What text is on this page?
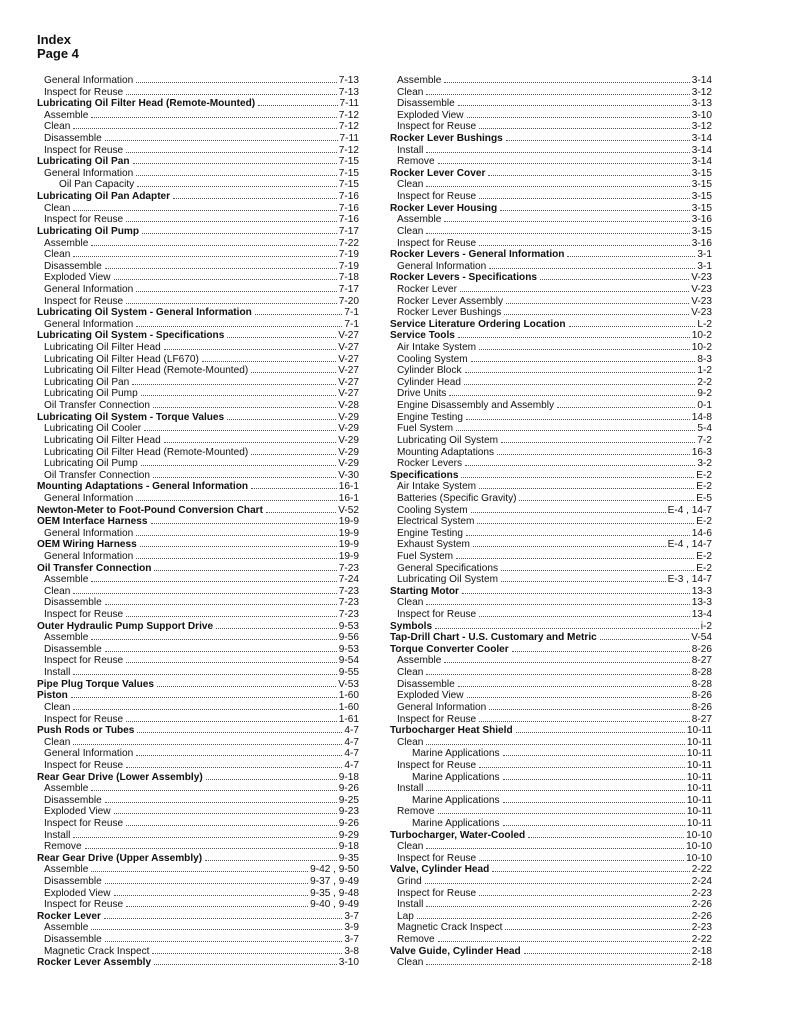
Index
Page 4
General Information	7-13
Inspect for Reuse	7-13
Lubricating Oil Filter Head (Remote-Mounted)	7-11
Assemble	7-12
Clean	7-12
Disassemble	7-11
Inspect for Reuse	7-12
Lubricating Oil Pan	7-15
General Information	7-15
Oil Pan Capacity	7-15
Lubricating Oil Pan Adapter	7-16
Clean	7-16
Inspect for Reuse	7-16
Lubricating Oil Pump	7-17
Assemble	7-22
Clean	7-19
Disassemble	7-19
Exploded View	7-18
General Information	7-17
Inspect for Reuse	7-20
Lubricating Oil System - General Information	7-1
General Information	7-1
Lubricating Oil System - Specifications	V-27
Lubricating Oil Filter Head	V-27
Lubricating Oil Filter Head (LF670)	V-27
Lubricating Oil Filter Head (Remote-Mounted)	V-27
Lubricating Oil Pan	V-27
Lubricating Oil Pump	V-27
Oil Transfer Connection	V-28
Lubricating Oil System - Torque Values	V-29
Lubricating Oil Cooler	V-29
Lubricating Oil Filter Head	V-29
Lubricating Oil Filter Head (Remote-Mounted)	V-29
Lubricating Oil Pump	V-29
Oil Transfer Connection	V-30
Mounting Adaptations - General Information	16-1
General Information	16-1
Newton-Meter to Foot-Pound Conversion Chart	V-52
OEM Interface Harness	19-9
General Information	19-9
OEM Wiring Harness	19-9
General Information	19-9
Oil Transfer Connection	7-23
Assemble	7-24
Clean	7-23
Disassemble	7-23
Inspect for Reuse	7-23
Outer Hydraulic Pump Support Drive	9-53
Assemble	9-56
Disassemble	9-53
Inspect for Reuse	9-54
Install	9-55
Pipe Plug Torque Values	V-53
Piston	1-60
Clean	1-60
Inspect for Reuse	1-61
Push Rods or Tubes	4-7
Clean	4-7
General Information	4-7
Inspect for Reuse	4-7
Rear Gear Drive (Lower Assembly)	9-18
Assemble	9-26
Disassemble	9-25
Exploded View	9-23
Inspect for Reuse	9-26
Install	9-29
Remove	9-18
Rear Gear Drive (Upper Assembly)	9-35
Assemble	9-42 , 9-50
Disassemble	9-37 , 9-49
Exploded View	9-35 , 9-48
Inspect for Reuse	9-40 , 9-49
Rocker Lever	3-7
Assemble	3-9
Disassemble	3-7
Magnetic Crack Inspect	3-8
Rocker Lever Assembly	3-10
Assemble	3-14
Clean	3-12
Disassemble	3-13
Exploded View	3-10
Inspect for Reuse	3-12
Rocker Lever Bushings	3-14
Install	3-14
Remove	3-14
Rocker Lever Cover	3-15
Clean	3-15
Inspect for Reuse	3-15
Rocker Lever Housing	3-15
Assemble	3-16
Clean	3-15
Inspect for Reuse	3-16
Rocker Levers - General Information	3-1
General Information	3-1
Rocker Levers - Specifications	V-23
Rocker Lever	V-23
Rocker Lever Assembly	V-23
Rocker Lever Bushings	V-23
Service Literature Ordering Location	L-2
Service Tools	10-2
Air Intake System	10-2
Cooling System	8-3
Cylinder Block	1-2
Cylinder Head	2-2
Drive Units	9-2
Engine Disassembly and Assembly	0-1
Engine Testing	14-8
Fuel System	5-4
Lubricating Oil System	7-2
Mounting Adaptations	16-3
Rocker Levers	3-2
Specifications	E-2
Air Intake System	E-2
Batteries (Specific Gravity)	E-5
Cooling System	E-4 , 14-7
Electrical System	E-2
Engine Testing	14-6
Exhaust System	E-4 , 14-7
Fuel System	E-2
General Specifications	E-2
Lubricating Oil System	E-3 , 14-7
Starting Motor	13-3
Clean	13-3
Inspect for Reuse	13-4
Symbols	i-2
Tap-Drill Chart - U.S. Customary and Metric	V-54
Torque Converter Cooler	8-26
Assemble	8-27
Clean	8-28
Disassemble	8-28
Exploded View	8-26
General Information	8-26
Inspect for Reuse	8-27
Turbocharger Heat Shield	10-11
Clean	10-11
Marine Applications	10-11
Inspect for Reuse	10-11
Marine Applications	10-11
Install	10-11
Marine Applications	10-11
Remove	10-11
Marine Applications	10-11
Turbocharger, Water-Cooled	10-10
Clean	10-10
Inspect for Reuse	10-10
Valve, Cylinder Head	2-22
Grind	2-24
Inspect for Reuse	2-23
Install	2-26
Lap	2-26
Magnetic Crack Inspect	2-23
Remove	2-22
Valve Guide, Cylinder Head	2-18
Clean	2-18
